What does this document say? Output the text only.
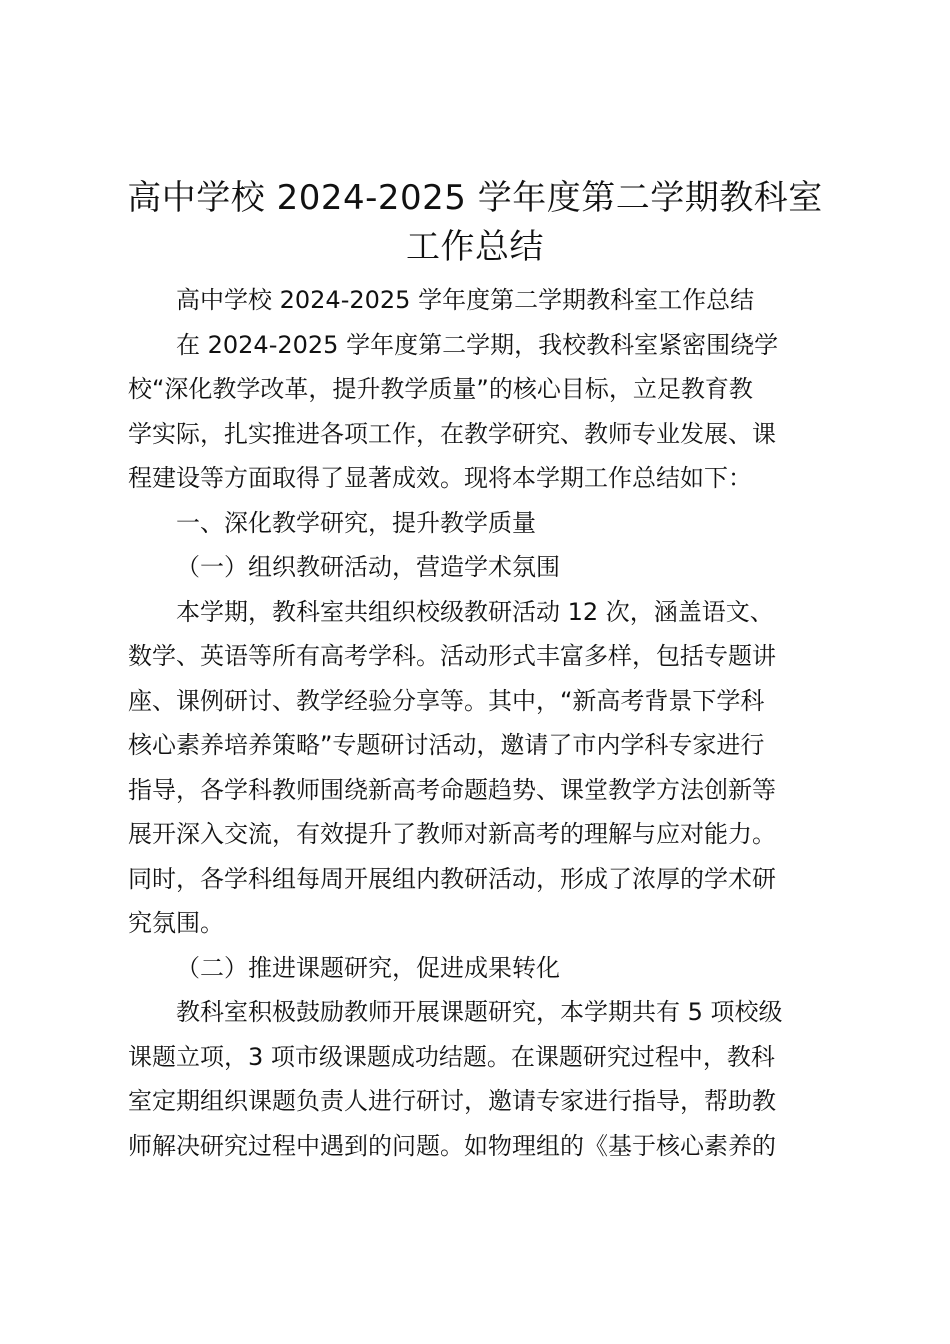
高中学校 2024-2025 学年度第二学期教科室
工作总结
高中学校 2024-2025 学年度第二学期教科室工作总结
在 2024-2025 学年度第二学期，我校教科室紧密围绕学
校“深化教学改革，提升教学质量”的核心目标，立足教育教
学实际，扎实推进各项工作，在教学研究、教师专业发展、课
程建设等方面取得了显著成效。现将本学期工作总结如下：
一、深化教学研究，提升教学质量
（一）组织教研活动，营造学术氛围
本学期，教科室共组织校级教研活动 12 次，涵盖语文、
数学、英语等所有高考学科。活动形式丰富多样，包括专题讲
座、课例研讨、教学经验分享等。其中，“新高考背景下学科
核心素养培养策略”专题研讨活动，邀请了市内学科专家进行
指导，各学科教师围绕新高考命题趋势、课堂教学方法创新等
展开深入交流，有效提升了教师对新高考的理解与应对能力。
同时，各学科组每周开展组内教研活动，形成了浓厚的学术研
究氛围。
（二）推进课题研究，促进成果转化
教科室积极鼓励教师开展课题研究，本学期共有 5 项校级
课题立项，3 项市级课题成功结题。在课题研究过程中，教科
室定期组织课题负责人进行研讨，邀请专家进行指导，帮助教
师解决研究过程中遇到的问题。如物理组的《基于核心素养的
